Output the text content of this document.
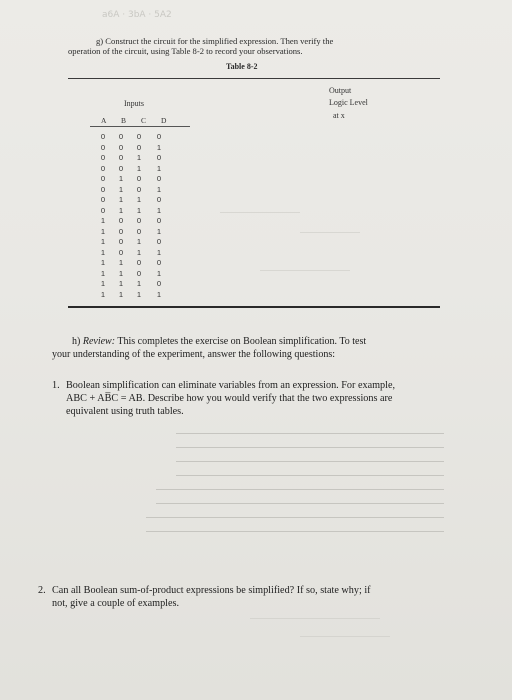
a6A · 3bA · 5A2
g) Construct the circuit for the simplified expression. Then verify the
operation of the circuit, using Table 8-2 to record your observations.
Table 8-2
Inputs
Output
Logic Level
at x
A B C D
0	0	0	0
0	0	0	1
0	0	1	0
0	0	1	1
0	1	0	0
0	1	0	1
0	1	1	0
0	1	1	1
1	0	0	0
1	0	0	1
1	0	1	0
1	0	1	1
1	1	0	0
1	1	0	1
1	1	1	0
1	1	1	1
h) Review: This completes the exercise on Boolean simplification. To test
your understanding of the experiment, answer the following questions:
1. Boolean simplification can eliminate variables from an expression. For example,
ABC + AB̅C = AB. Describe how you would verify that the two expressions are
equivalent using truth tables.
2. Can all Boolean sum-of-product expressions be simplified? If so, state why; if
not, give a couple of examples.
